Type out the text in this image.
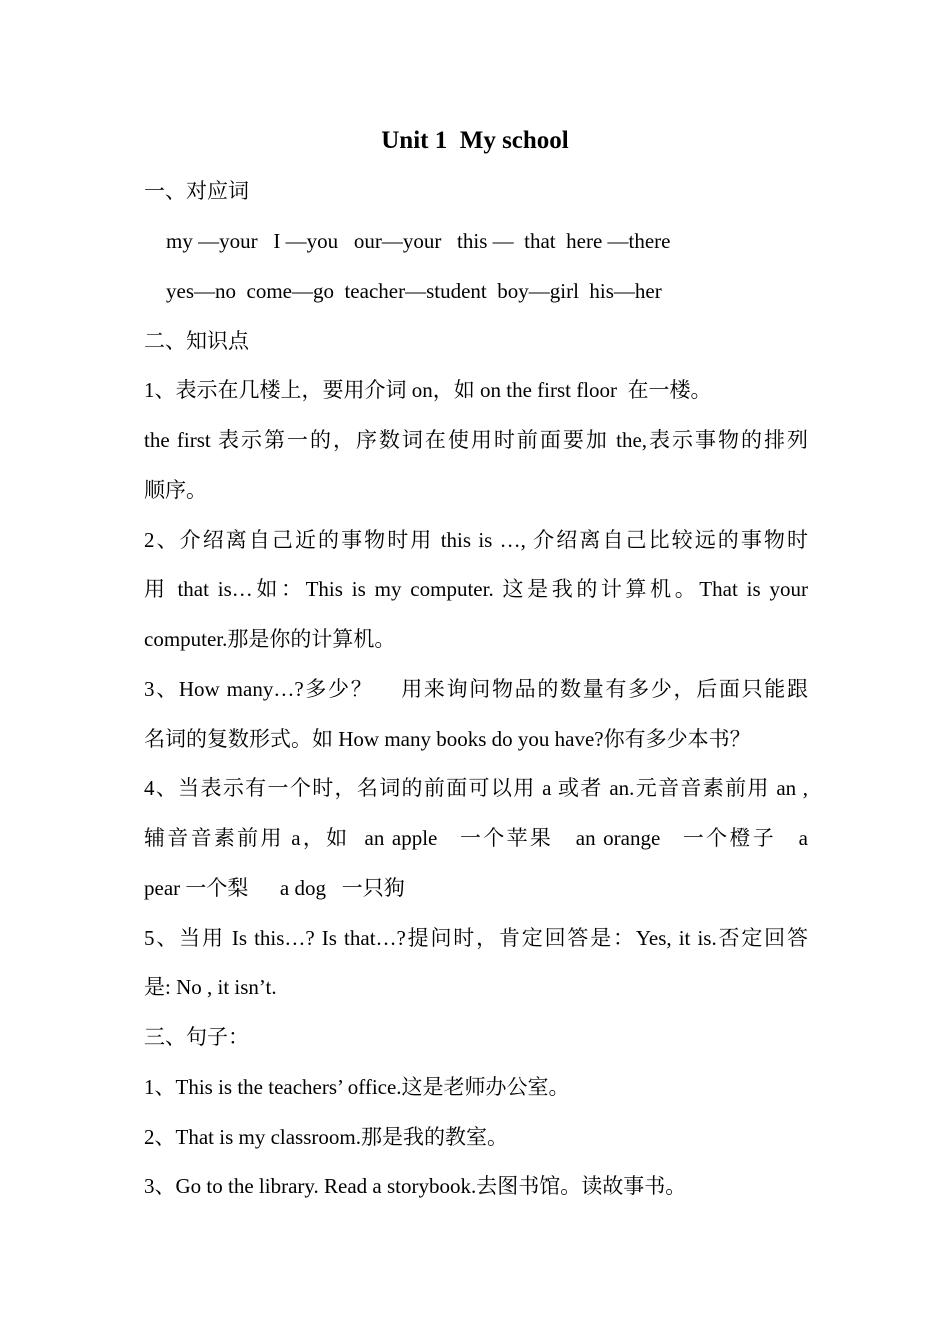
Unit 1  My school
一、对应词
my —your   I —you   our—your   this —  that  here —there
yes—no  come—go  teacher—student  boy—girl  his—her
二、知识点
1、表示在几楼上，要用介词 on，如 on the first floor  在一楼。
the first 表示第一的，序数词在使用时前面要加 the,表示事物的排列
顺序。
2、介绍离自己近的事物时用 this is …, 介绍离自己比较远的事物时
用 that is…如：This is my computer. 这是我的计算机。That is your
computer.那是你的计算机。
3、How many…?多少？    用来询问物品的数量有多少，后面只能跟
名词的复数形式。如 How many books do you have?你有多少本书？
4、当表示有一个时，名词的前面可以用 a 或者 an.元音音素前用 an ,
辅音音素前用 a，如  an apple   一个苹果   an orange   一个橙子   a
pear 一个梨      a dog   一只狗
5、当用 Is this…? Is that…?提问时，肯定回答是：Yes, it is.否定回答
是: No , it isn’t.
三、句子：
1、This is the teachers’ office.这是老师办公室。
2、That is my classroom.那是我的教室。
3、Go to the library. Read a storybook.去图书馆。读故事书。
